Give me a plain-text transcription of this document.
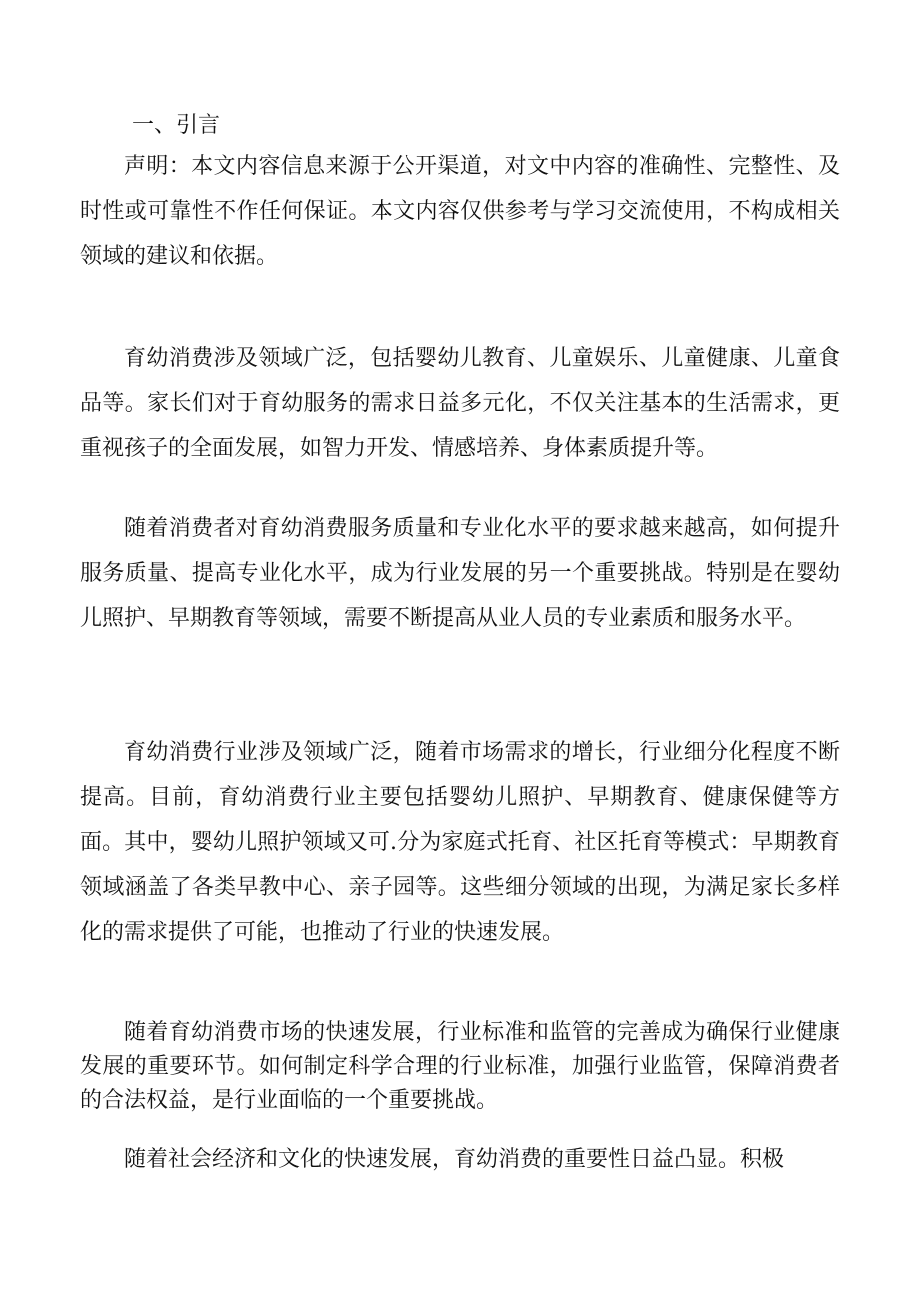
一、引言

声明：本文内容信息来源于公开渠道，对文中内容的准确性、完整性、及时性或可靠性不作任何保证。本文内容仅供参考与学习交流使用，不构成相关领域的建议和依据。

育幼消费涉及领域广泛，包括婴幼儿教育、儿童娱乐、儿童健康、儿童食品等。家长们对于育幼服务的需求日益多元化，不仅关注基本的生活需求，更重视孩子的全面发展，如智力开发、情感培养、身体素质提升等。

随着消费者对育幼消费服务质量和专业化水平的要求越来越高，如何提升服务质量、提高专业化水平，成为行业发展的另一个重要挑战。特别是在婴幼儿照护、早期教育等领域，需要不断提高从业人员的专业素质和服务水平。

育幼消费行业涉及领域广泛，随着市场需求的增长，行业细分化程度不断提高。目前，育幼消费行业主要包括婴幼儿照护、早期教育、健康保健等方面。其中，婴幼儿照护领域又可.分为家庭式托育、社区托育等模式：早期教育领域涵盖了各类早教中心、亲子园等。这些细分领域的出现，为满足家长多样化的需求提供了可能，也推动了行业的快速发展。

随着育幼消费市场的快速发展，行业标准和监管的完善成为确保行业健康发展的重要环节。如何制定科学合理的行业标准，加强行业监管，保障消费者的合法权益，是行业面临的一个重要挑战。

随着社会经济和文化的快速发展，育幼消费的重要性日益凸显。积极
